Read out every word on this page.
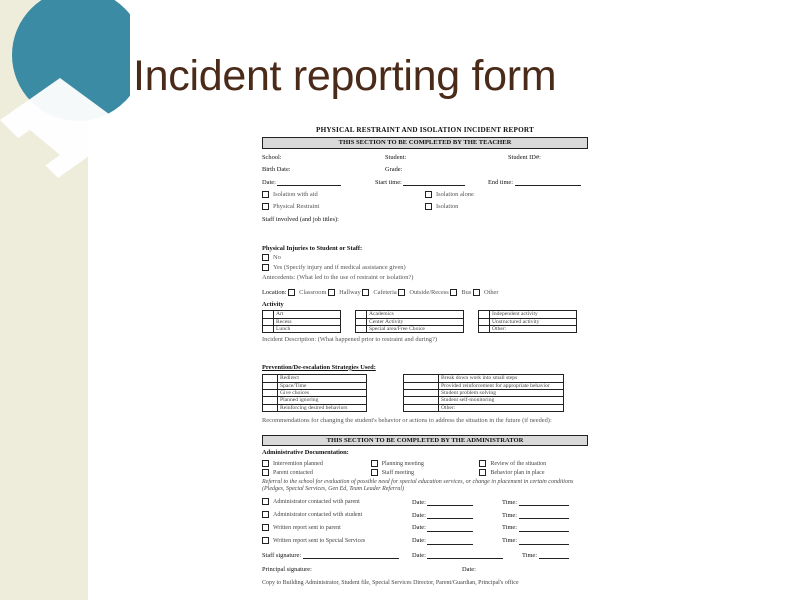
Incident reporting form
PHYSICAL RESTRAINT AND ISOLATION INCIDENT REPORT
THIS SECTION TO BE COMPLETED BY THE TEACHER
School:	Student:	Student ID#:
Birth Date:	Grade:
Date:	Start time:	End time:
Isolation with aid	Isolation alone
Physical Restraint	Isolation
Staff involved (and job titles):
Physical Injuries to Student or Staff:
No
Yes (Specify injury and if medical assistance given)
Antecedents: (What led to the use of restraint or isolation?)
Location:
	Classroom	Hallway	Cafeteria	Outside/Recess	Bus	Other
Activity
	Art
	Recess
	Lunch
	Academics
	Center Activity
	Special area/Free Choice
	Independent activity
	Unstructured activity
	Other:
Incident Description: (What happened prior to restraint and during?)
Prevention/De-escalation Strategies Used:
	Redirect
	Space/Time
	Give choices
	Planned ignoring
	Reinforcing desired behaviors
	Break down work into small steps
	Provided reinforcement for appropriate behavior
	Student problem solving
	Student self-monitoring
	Other:
Recommendations for changing the student's behavior or actions to address the situation in the future (if needed):
THIS SECTION TO BE COMPLETED BY THE ADMINISTRATOR
Administrative Documentation:
Intervention planned	Planning meeting	Review of the situation
Parent contacted	Staff meeting	Behavior plan in place
Referral to the school for evaluation of possible need for special education services, or change in placement in certain conditions (Pledges, Special Services, Gen Ed, Team Leader Referral)
Administrator contacted with parent	Date:	Time:
Administrator contacted with student	Date:	Time:
Written report sent to parent	Date:	Time:
Written report sent to Special Services	Date:	Time:
Staff signature:	Date:	Time:
Principal signature:	Date:
Copy to Building Administrator, Student file, Special Services Director, Parent/Guardian, Principal's office
